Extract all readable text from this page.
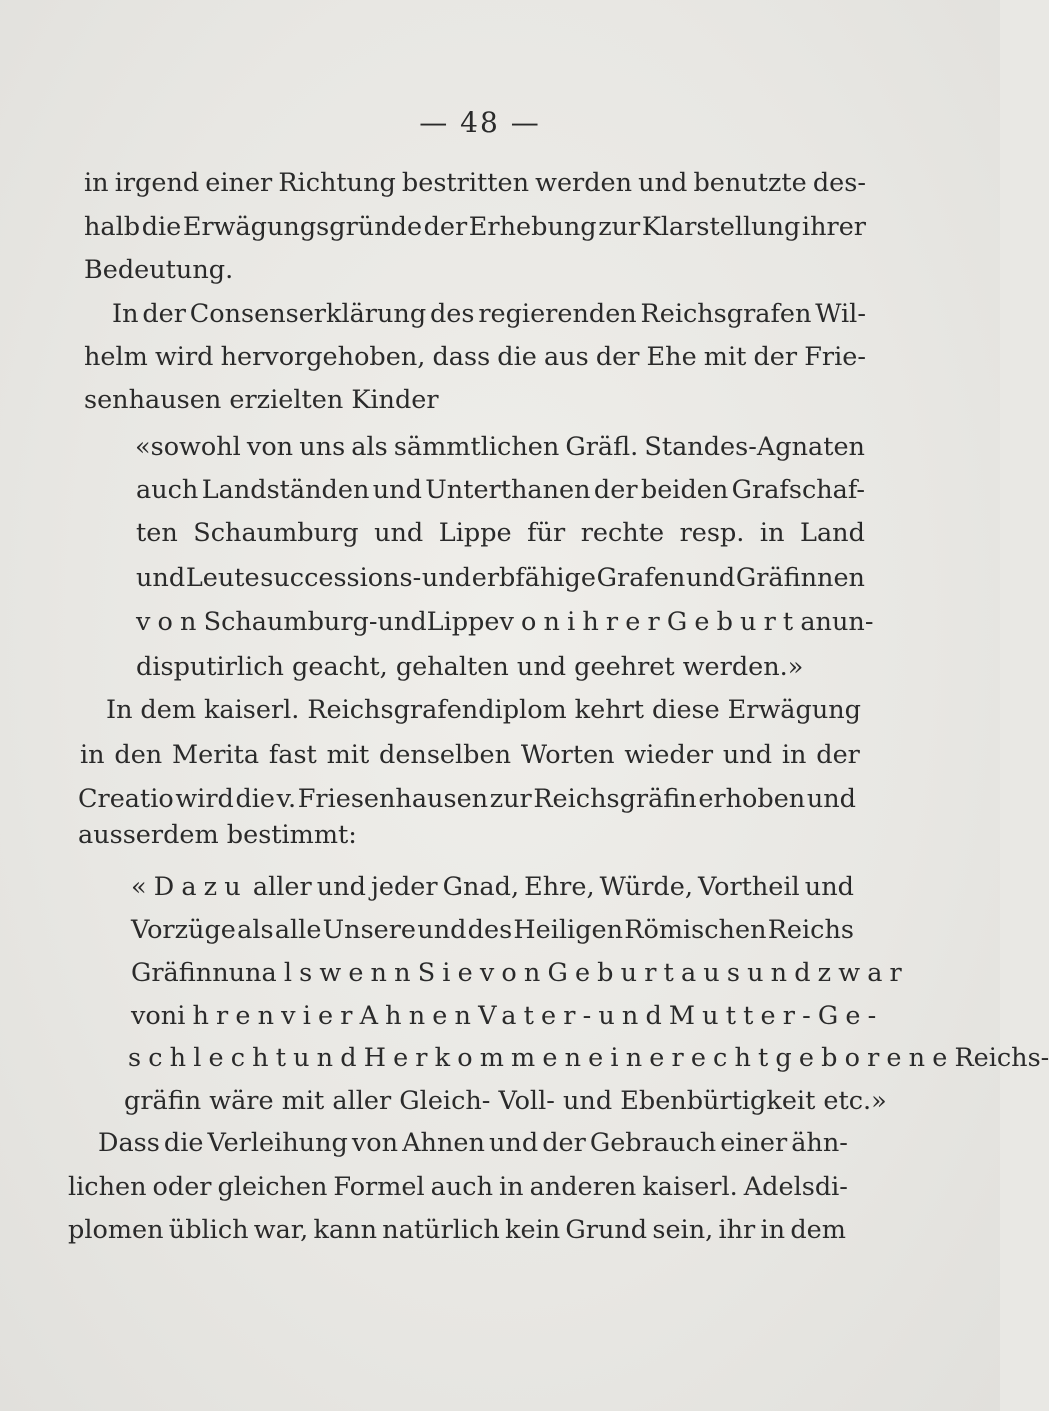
— 48 —
in irgend einer Richtung bestritten werden und benutzte des-
halb die Erwägungsgründe der Erhebung zur Klarstellung ihrer
Bedeutung.
In der Consenserklärung des regierenden Reichsgrafen Wil-
helm wird hervorgehoben, dass die aus der Ehe mit der Frie-
senhausen erzielten Kinder
«sowohl von uns als sämmtlichen Gräfl. Standes-Agnaten
auch Landständen und Unterthanen der beiden Grafschaf-
ten Schaumburg und Lippe für rechte resp. in Land
und Leute successions- und erbfähige Grafen und Gräfinnen
von Schaumburg- und Lippe von ihrer Geburt an un-
disputirlich geacht, gehalten und geehret werden.»
In dem kaiserl. Reichsgrafendiplom kehrt diese Erwägung
in den Merita fast mit denselben Worten wieder und in der
Creatio wird die v. Friesenhausen zur Reichsgräfin erhoben und
ausserdem bestimmt:
«Dazu aller und jeder Gnad, Ehre, Würde, Vortheil und
Vorzüge als alle Unsere und des Heiligen Römischen Reichs
Gräfin nun als wenn Sie von Geburt aus und zwar
von ihren vier Ahnen Vater- und Mutter-Ge-
schlecht und Herkommen eine rechtgeborene Reichs-
gräfin wäre mit aller Gleich- Voll- und Ebenbürtigkeit etc.»
Dass die Verleihung von Ahnen und der Gebrauch einer ähn-
lichen oder gleichen Formel auch in anderen kaiserl. Adelsdi-
plomen üblich war, kann natürlich kein Grund sein, ihr in dem
